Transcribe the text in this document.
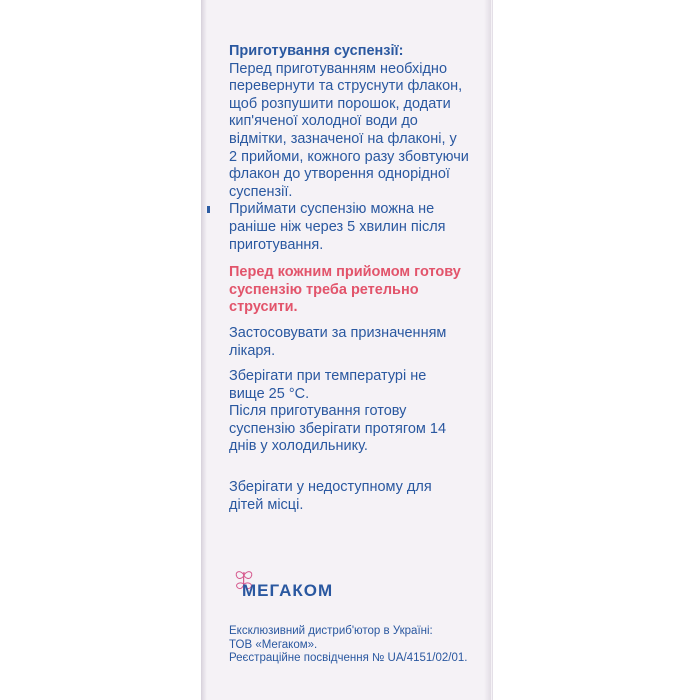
Приготування суспензії:

Перед приготуванням необхідно

перевернути та струснути флакон,

щоб розпушити порошок, додати

кип'яченої холодної води до

відмітки, зазначеної на флаконі, у

2 прийоми, кожного разу збовтуючи

флакон до утворення однорідної

суспензії.

Приймати суспензію можна не

раніше ніж через 5 хвилин після

приготування.

Перед кожним прийомом готову

суспензію треба ретельно

струсити.

Застосовувати за призначенням

лікаря.

Зберігати при температурі не

вище 25 °С.

Після приготування готову

суспензію зберігати протягом 14

днів у холодильнику.

Зберігати у недоступному для

дітей місці.

МЕГАКОМ

Ексклюзивний дистриб'ютор в Україні:

ТОВ «Мегаком».

Реєстраційне посвідчення № UA/4151/02/01.
